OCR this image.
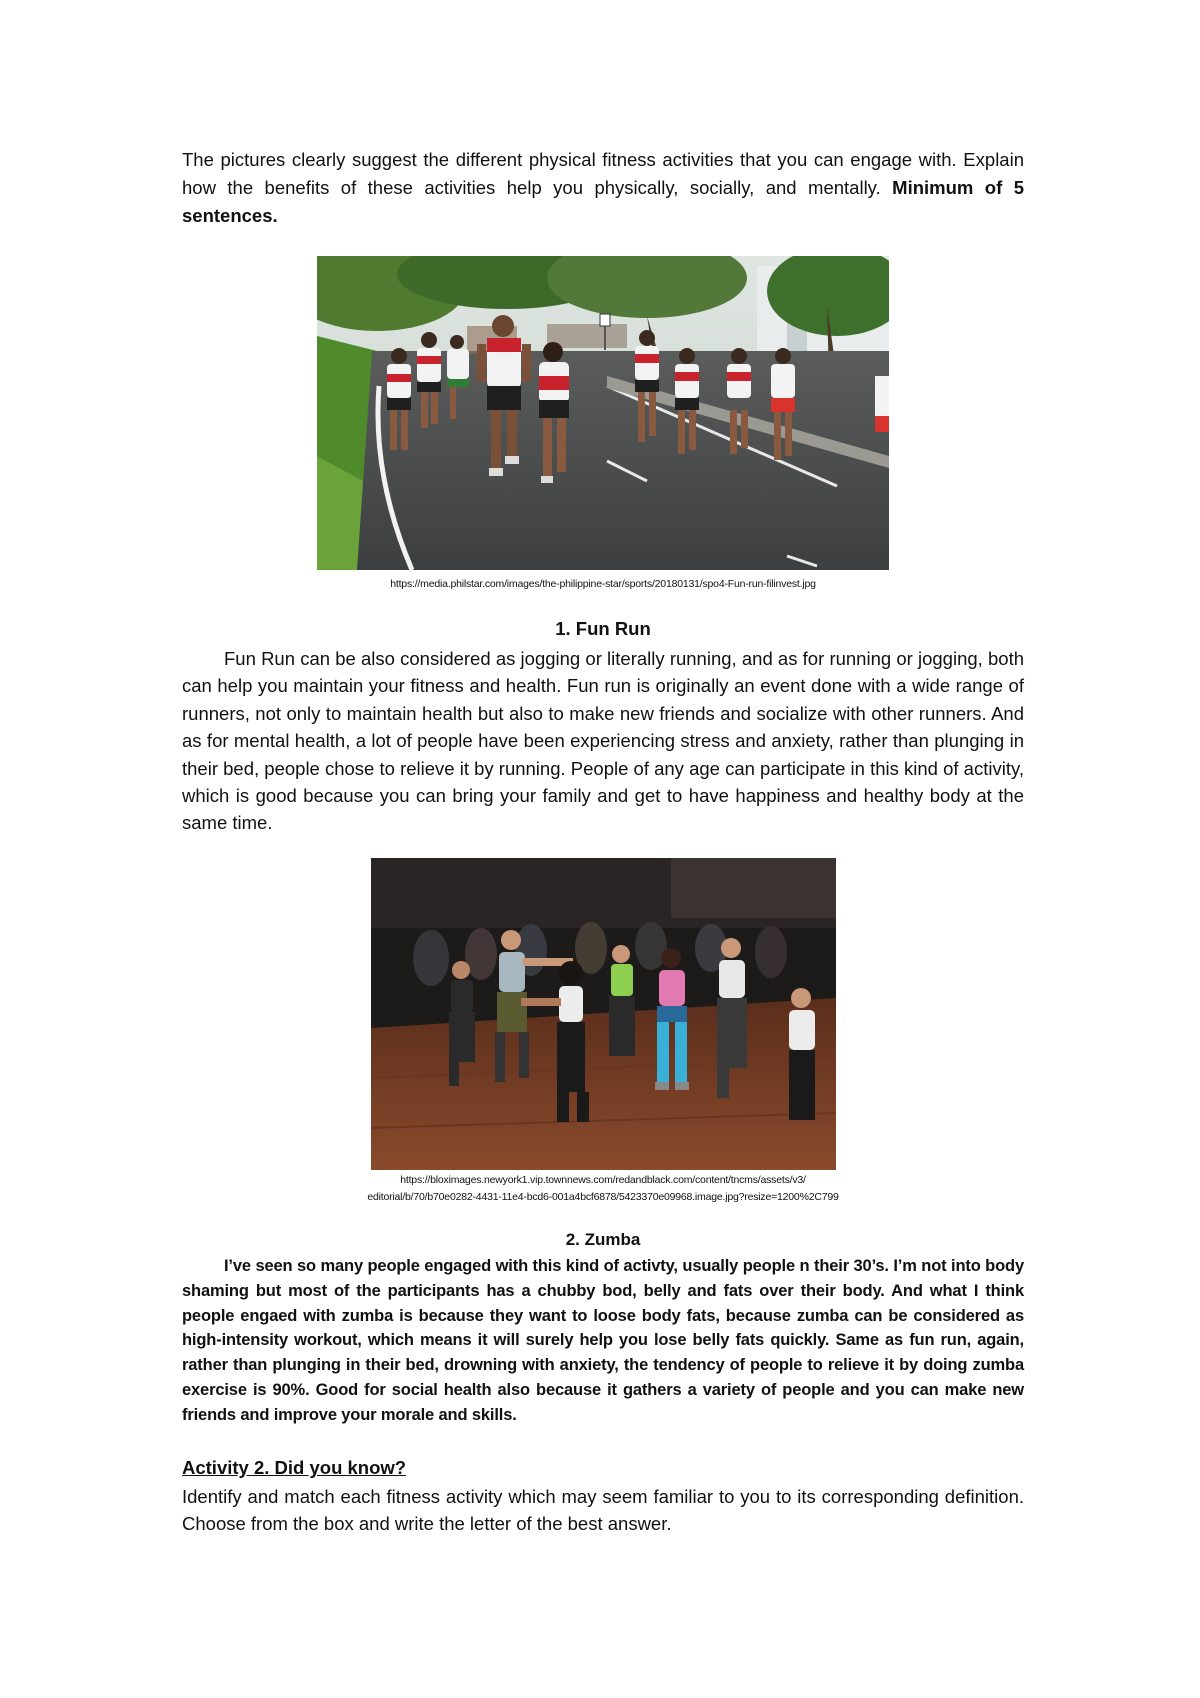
The pictures clearly suggest the different physical fitness activities that you can engage with. Explain how the benefits of these activities help you physically, socially, and mentally. Minimum of 5 sentences.

https://media.philstar.com/images/the-philippine-star/sports/20180131/spo4-Fun-run-filinvest.jpg
1. Fun Run

Fun Run can be also considered as jogging or literally running, and as for running or jogging, both can help you maintain your fitness and health. Fun run is originally an event done with a wide range of runners, not only to maintain health but also to make new friends and socialize with other runners. And as for mental health, a lot of people have been experiencing stress and anxiety, rather than plunging in their bed, people chose to relieve it by running. People of any age can participate in this kind of activity, which is good because you can bring your family and get to have happiness and healthy body at the same time.

https://bloximages.newyork1.vip.townnews.com/redandblack.com/content/tncms/assets/v3/
editorial/b/70/b70e0282-4431-11e4-bcd6-001a4bcf6878/5423370e09968.image.jpg?resize=1200%2C799
2. Zumba

I’ve seen so many people engaged with this kind of activty, usually people n their 30’s. I’m not into body shaming but most of the participants has a chubby bod, belly and fats over their body. And what I think people engaed with zumba is because they want to loose body fats, because zumba can be considered as high-intensity workout, which means it will surely help you lose belly fats quickly. Same as fun run, again, rather than plunging in their bed, drowning with anxiety, the tendency of people to relieve it by doing zumba exercise is 90%. Good for social health also because it gathers a variety of people and you can make new friends and improve your morale and skills.

Activity 2. Did you know?

Identify and match each fitness activity which may seem familiar to you to its corresponding definition. Choose from the box and write the letter of the best answer.
